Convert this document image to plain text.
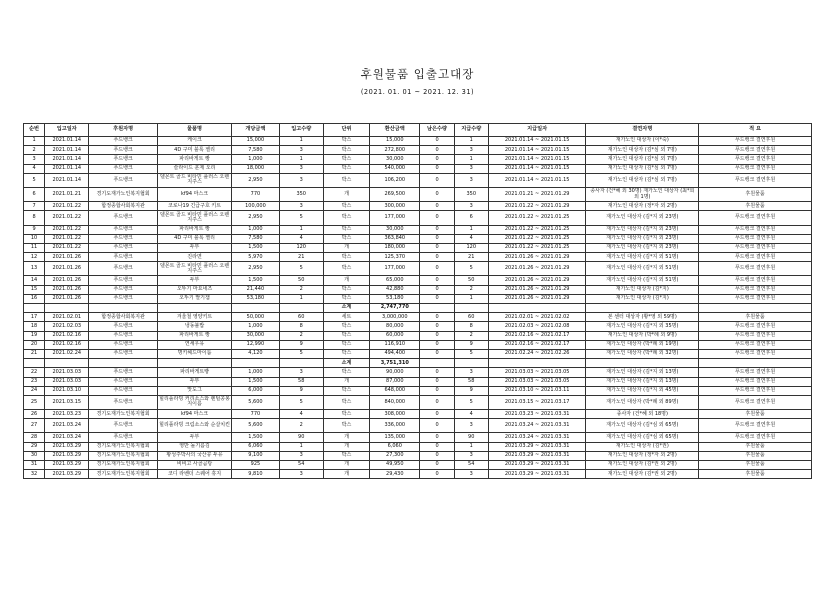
후원물품 입출고대장
(2021. 01. 01 ~ 2021. 12. 31)
순번	입고일자	후원자명	물품명	개당금액	입고수량	단위	환산금액	남은수량	지급수량	지급일자	결연자명	적 요
1	2021.01.14	푸드뱅크	케이크	15,000	1	박스	15,000	0	1	2021.01.14 ~ 2021.01.15	재가노인 대상자 (이*숙)	푸드뱅크 결연후원
2	2021.01.14	푸드뱅크	4D 구미 블록 젤리	7,580	3	박스	272,800	0	3	2021.01.14 ~ 2021.01.15	재가노인 대상자 (김*심 외 7명)	푸드뱅크 결연후원
3	2021.01.14	푸드뱅크	파리바게트 빵	1,000	1	박스	30,000	0	1	2021.01.14 ~ 2021.01.15	재가노인 대상자 (김*심 외 7명)	푸드뱅크 결연후원
4	2021.01.14	푸드뱅크	슬라이드 훈제 오리	18,000	3	박스	540,000	0	3	2021.01.14 ~ 2021.01.15	재가노인 대상자 (김*심 외 7명)	푸드뱅크 결연후원
5	2021.01.14	푸드뱅크	델몬트 골드 비타민 플러스 오렌지주스	2,950	3	박스	106,200	0	3	2021.01.14 ~ 2021.01.15	재가노인 대상자 (김*심 외 7명)	푸드뱅크 결연후원
6	2021.01.21	경기도재가노인복지협회	kf94 마스크	770	350	개	269,500	0	350	2021.01.21 ~ 2021.01.29	종사자 (건*혜 외 30명) 재가노인 대상자 (최*희 외 1명)	후원물품
7	2021.01.22	합정종합사회복지관	코로나19 긴급구호 키트	100,000	3	박스	300,000	0	3	2021.01.22 ~ 2021.01.29	재가노인 대상자 (정*자 외 2명)	후원물품
8	2021.01.22	푸드뱅크	델몬트 골드 비타민 플러스 오렌지주스	2,950	5	박스	177,000	0	6	2021.01.22 ~ 2021.01.25	재가노인 대상자 (김*지 외 23명)	푸드뱅크 결연후원
9	2021.01.22	푸드뱅크	파리바게트 빵	1,000	1	박스	30,000	0	1	2021.01.22 ~ 2021.01.25	재가노인 대상자 (김*지 외 23명)	푸드뱅크 결연후원
10	2021.01.22	푸드뱅크	4D 구미 블록 젤리	7,580	4	박스	363,840	0	4	2021.01.22 ~ 2021.01.25	재가노인 대상자 (김*지 외 23명)	푸드뱅크 결연후원
11	2021.01.22	푸드뱅크	두부	1,500	120	개	180,000	0	120	2021.01.22 ~ 2021.01.25	재가노인 대상자 (김*지 외 23명)	푸드뱅크 결연후원
12	2021.01.26	푸드뱅크	진라면	5,970	21	박스	125,370	0	21	2021.01.26 ~ 2021.01.29	재가노인 대상자 (김*지 외 51명)	푸드뱅크 결연후원
13	2021.01.26	푸드뱅크	델몬트 골드 비타민 플러스 오렌지주스	2,950	5	박스	177,000	0	5	2021.01.26 ~ 2021.01.29	재가노인 대상자 (김*지 외 51명)	푸드뱅크 결연후원
14	2021.01.26	푸드뱅크	두부	1,500	50	개	65,000	0	50	2021.01.26 ~ 2021.01.29	재가노인 대상자 (김*지 외 51명)	푸드뱅크 결연후원
15	2021.01.26	푸드뱅크	오뚜기 마요네즈	21,440	2	박스	42,880	0	2	2021.01.26 ~ 2021.01.29	재가노인 대상자 (김*지)	푸드뱅크 결연후원
16	2021.01.26	푸드뱅크	오뚜기 딸기잼	53,180	1	박스	53,180	0	1	2021.01.26 ~ 2021.01.29	재가노인 대상자 (김*지)	푸드뱅크 결연후원
						소계	2,747,770					
17	2021.02.01	합정종합사회복지관	겨울철 영양키트	50,000	60	세트	3,000,000	0	60	2021.02.01 ~ 2021.02.02	본 센터 대상자 (황*영 외 59명)	후원물품
18	2021.02.03	푸드뱅크	냉동불밥	1,000	8	박스	80,000	0	8	2021.02.03 ~ 2021.02.08	재가노인 대상자 (김*지 외 35명)	푸드뱅크 결연후원
19	2021.02.16	푸드뱅크	파리바게트 빵	30,000	2	박스	60,000	0	2	2021.02.16 ~ 2021.02.17	재가노인 대상자 (박*례 외 9명)	푸드뱅크 결연후원
20	2021.02.16	푸드뱅크	연세우유	12,990	9	박스	116,910	0	9	2021.02.16 ~ 2021.02.17	재가노인 대상자 (박*례 외 19명)	푸드뱅크 결연후원
21	2021.02.24	푸드뱅크	명키헤드마이룸	4,120	5	박스	494,400	0	5	2021.02.24 ~ 2021.02.26	재가노인 대상자 (박*례 외 32명)	푸드뱅크 결연후원
						소계	3,751,310					
22	2021.03.03	푸드뱅크	파리바게트빵	1,000	3	박스	90,000	0	3	2021.03.03 ~ 2021.03.05	재가노인 대상자 (김*지 외 13명)	푸드뱅크 결연후원
23	2021.03.03	푸드뱅크	두부	1,500	58	개	87,000	0	58	2021.03.03 ~ 2021.03.05	재가노인 대상자 (김*지 외 13명)	푸드뱅크 결연후원
24	2021.03.10	푸드뱅크	맛도그	6,000	9	박스	648,000	0	9	2021.03.10 ~ 2021.03.11	재가노인 대상자 (김*지 외 45명)	푸드뱅크 결연후원
25	2021.03.15	푸드뱅크	힐리플라빙 커리소스와 렌틸콩봉지이름	5,600	5	박스	840,000	0	5	2021.03.15 ~ 2021.03.17	재가노인 대상자 (박*례 외 89명)	푸드뱅크 결연후원
26	2021.03.23	경기도재가노인복지협회	kf94 마스크	770	4	박스	308,000	0	4	2021.03.23 ~ 2021.03.31	종사자 (건*혜 외 18명)	후원물품
27	2021.03.24	푸드뱅크	힐리플라빙 크림소스와 순살치킨	5,600	2	박스	336,000	0	3	2021.03.24 ~ 2021.03.31	재가노인 대상자 (김*심 외 65명)	푸드뱅크 결연후원
28	2021.03.24	푸드뱅크	두부	1,500	90	개	135,000	0	90	2021.03.24 ~ 2021.03.31	재가노인 대상자 (김*심 외 65명)	푸드뱅크 결연후원
29	2021.03.29	경기도재가노인복지협회	영반 돌기름김	6,060	1	개	6,060	0	1	2021.03.29 ~ 2021.03.31	재가노인 대상자 (김*권)	후원물품
30	2021.03.29	경기도재가노인복지협회	황성주박사의 국산콩 두유	9,100	3	박스	27,300	0	3	2021.03.29 ~ 2021.03.31	재가노인 대상자 (정*자 외 2명)	후원물품
31	2021.03.29	경기도재가노인복지협회	비비고 사골곰탕	925	54	개	49,950	0	54	2021.03.29 ~ 2021.03.31	재가노인 대상자 (김*권 외 2명)	후원물품
32	2021.03.29	경기도재가노인복지협회	코디 라벤더 스퀘어 휴지	9,810	3	개	29,430	0	3	2021.03.29 ~ 2021.03.31	재가노인 대상자 (김*권 외 2명)	후원물품
